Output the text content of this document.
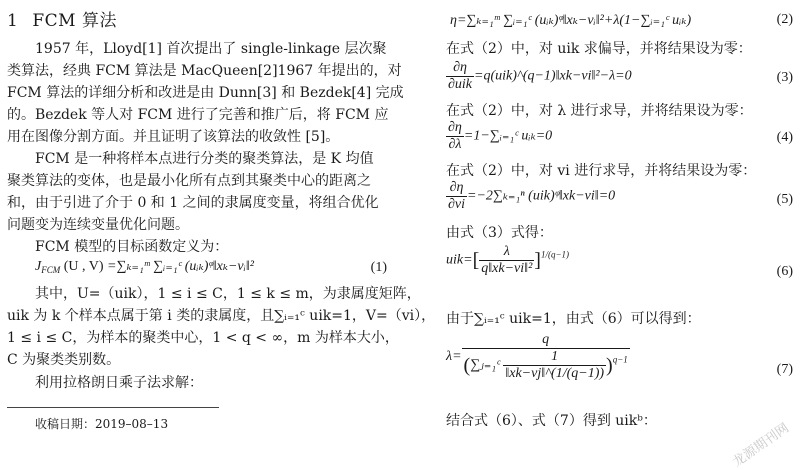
1 FCM 算法
1957 年，Lloyd[1] 首次提出了 single-linkage 层次聚
类算法，经典 FCM 算法是 MacQueen[2]1967 年提出的，对
FCM 算法的详细分析和改进是由 Dunn[3] 和 Bezdek[4] 完成
的。Bezdek 等人对 FCM 进行了完善和推广后，将 FCM 应
用在图像分割方面。并且证明了该算法的收敛性 [5]。
FCM 是一种将样本点进行分类的聚类算法，是 K 均值
聚类算法的变体，也是最小化所有点到其聚类中心的距离之
和，由于引进了介于 0 和 1 之间的隶属度变量，将组合优化
问题变为连续变量优化问题。
FCM 模型的目标函数定义为：
$J_{FCM}$ (U , V) =∑ₖ₌₁ᵐ ∑ᵢ₌₁ᶜ (uᵢₖ)ᵠ‖xₖ−vᵢ‖²	(1)
其中，U=（uik），1 ≤ i ≤ C，1 ≤ k ≤ m，为隶属度矩阵，
uik 为 k 个样本点属于第 i 类的隶属度，且∑ᵢ₌₁ᶜ uik=1，V=（vi），
1 ≤ i ≤ C，为样本的聚类中心，1 < q < ∞，m 为样本大小，
C 为聚类类别数。
利用拉格朗日乘子法求解：
收稿日期：2019–08–13
η=∑ₖ₌₁ᵐ ∑ᵢ₌₁ᶜ (uᵢₖ)ᵠ‖xₖ−vᵢ‖²+λ(1−∑ᵢ₌₁ᶜ uᵢₖ)	(2)
在式（2）中，对 uik 求偏导，并将结果设为零：
$\frac{\partial\eta}{\text{∂uik}}$ =q(uik)^(q−1)‖xk−vi‖²−λ=0	(3)
在式（2）中，对 λ 进行求导，并将结果设为零：
$\frac{\partial\eta}{\partial\lambda}$ =1−∑ᵢ₌₁ᶜ uᵢₖ=0	(4)
在式（2）中，对 vi 进行求导，并将结果设为零：
$\frac{\partial\eta}{\partial vi} =-2\sum_{k=1}^n$ (uik)ᵠ‖xk−vi‖=0	(5)
由式（3）式得：
$uik=[ \frac{\lambda}{\text{q‖xk−vi‖²}} ]^{1/(q-1)}$
(6)
由于∑ᵢ₌₁ᶜ uik=1，由式（6）可以得到：
$\lambda= \frac{q}{(\sum ⱼ_{=1}ᶜ \frac{1}{‖xk-vj‖\^{}(1/(q-1))} )^{q-1}}$	(7)
结合式（6）、式（7）得到 uikᵇ：	龙源期刊网
